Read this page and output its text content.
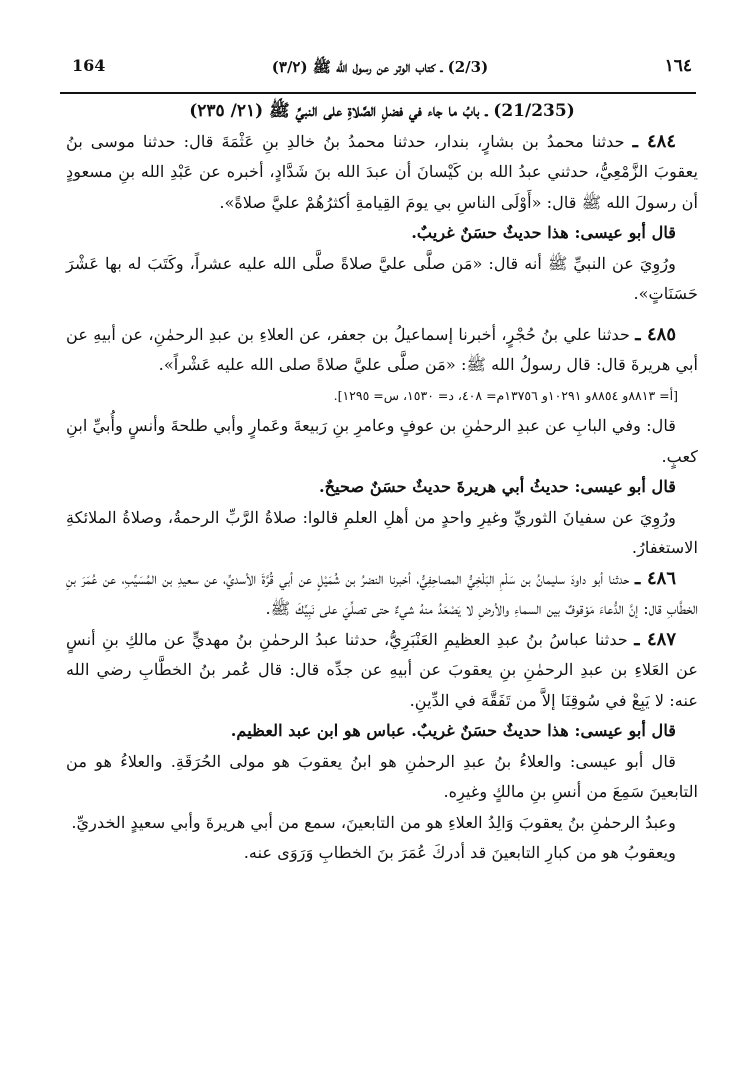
164	(2/3) ـ كتاب الوتر عن رسول الله ﷺ (٣/٢)	١٦٤

(21/235) ـ بابُ ما جاء في فضلِ الصَّلاةِ على النبيِّ ﷺ (٢١/ ٢٣٥)

٤٨٤ ـ حدثنا محمدُ بن بشارٍ، بندار، حدثنا محمدُ بنُ خالدِ بنِ عَثْمَةَ قال: حدثنا موسى بنُ يعقوبَ الزَّمْعِيُّ، حدثني عبدُ الله بن كَيْسانَ أن عبدَ الله بنَ شَدَّادٍ، أخبره عن عَبْدِ الله بنِ مسعودٍ أن رسولَ الله ﷺ قال: «أَوْلَى الناسِ بي يومَ القِيامةِ أكثرُهُمْ عليَّ صلاةً».

قال أبو عيسى: هذا حديثٌ حسَنٌ غريبٌ.

ورُوِيَ عن النبيِّ ﷺ أنه قال: «مَن صلَّى عليَّ صلاةً صلَّى الله عليه عشراً، وكَتَبَ له بها عَشْرَ حَسَنَاتٍ».

٤٨٥ ـ حدثنا علي بنُ حُجْرٍ، أخبرنا إسماعيلُ بن جعفر، عن العلاءِ بن عبدِ الرحمٰنِ، عن أبيهِ عن أبي هريرةَ قال: قال رسولُ الله ﷺ: «مَن صلَّى عليَّ صلاةً صلى الله عليه عَشْراً».

[أ= ٨٨١٣و ٨٨٥٤و ١٠٢٩١و ١٣٧٥٦م= ٤٠٨، د= ١٥٣٠، س= ١٢٩٥].

قال: وفي البابِ عن عبدِ الرحمٰنِ بن عوفٍ وعامرِ بنِ رَبيعةَ وعَمارٍ وأبي طلحةَ وأنسٍ وأُبيِّ ابنِ كعبٍ.

قال أبو عيسى: حديثُ أبي هريرةَ حديثٌ حسَنٌ صحيحٌ.

ورُوِيَ عن سفيانَ الثوريِّ وغيرِ واحدٍ من أهلِ العلمِ قالوا: صلاةُ الرَّبِّ الرحمةُ، وصلاةُ الملائكةِ الاستغفارُ.

٤٨٦ ـ حدثنا أبو داودَ سليمانُ بن سَلْمِ البَلْخِيُّ المصاحِفِيُّ، أخبرنا النضرُ بن شُمَيْلٍ عن أبي قُرَّةَ الأسديِّ، عن سعيدِ بن المُسَيِّبِ، عن عُمَرَ بنِ الخطَّابِ قال: إنَّ الدُّعاءَ مَوْقوفٌ بين السماءِ والأرضِ لا يَصْعَدُ منهُ شيءٌ حتى تصلِّيَ على نَبِيِّكَ ﷺ.

٤٨٧ ـ حدثنا عباسُ بنُ عبدِ العظيمِ العَنْبَرِيُّ، حدثنا عبدُ الرحمٰنِ بنُ مهديٍّ عن مالكِ بنِ أنسٍ عن العَلاءِ بن عبدِ الرحمٰنِ بنِ يعقوبَ عن أبيهِ عن جدِّه قال: قال عُمر بنُ الخطَّابِ رضي الله عنه: لا يَبِعْ في سُوقِنَا إلاَّ من تَفَقَّهَ في الدِّينِ.

قال أبو عيسى: هذا حديثٌ حسَنٌ غريبٌ. عباس هو ابن عبد العظيم.

قال أبو عيسى: والعلاءُ بنُ عبدِ الرحمٰنِ هو ابنُ يعقوبَ هو مولى الحُرَقَةِ. والعلاءُ هو من التابعينَ سَمِعَ من أنسِ بنِ مالكٍ وغيرِه.

وعبدُ الرحمٰنِ بنُ يعقوبَ وَالِدُ العلاءِ هو من التابعينَ، سمع من أبي هريرةَ وأبي سعيدٍ الخدريِّ.

ويعقوبُ هو من كبارِ التابعينَ قد أدركَ عُمَرَ بنَ الخطابِ وَرَوَى عنه.
